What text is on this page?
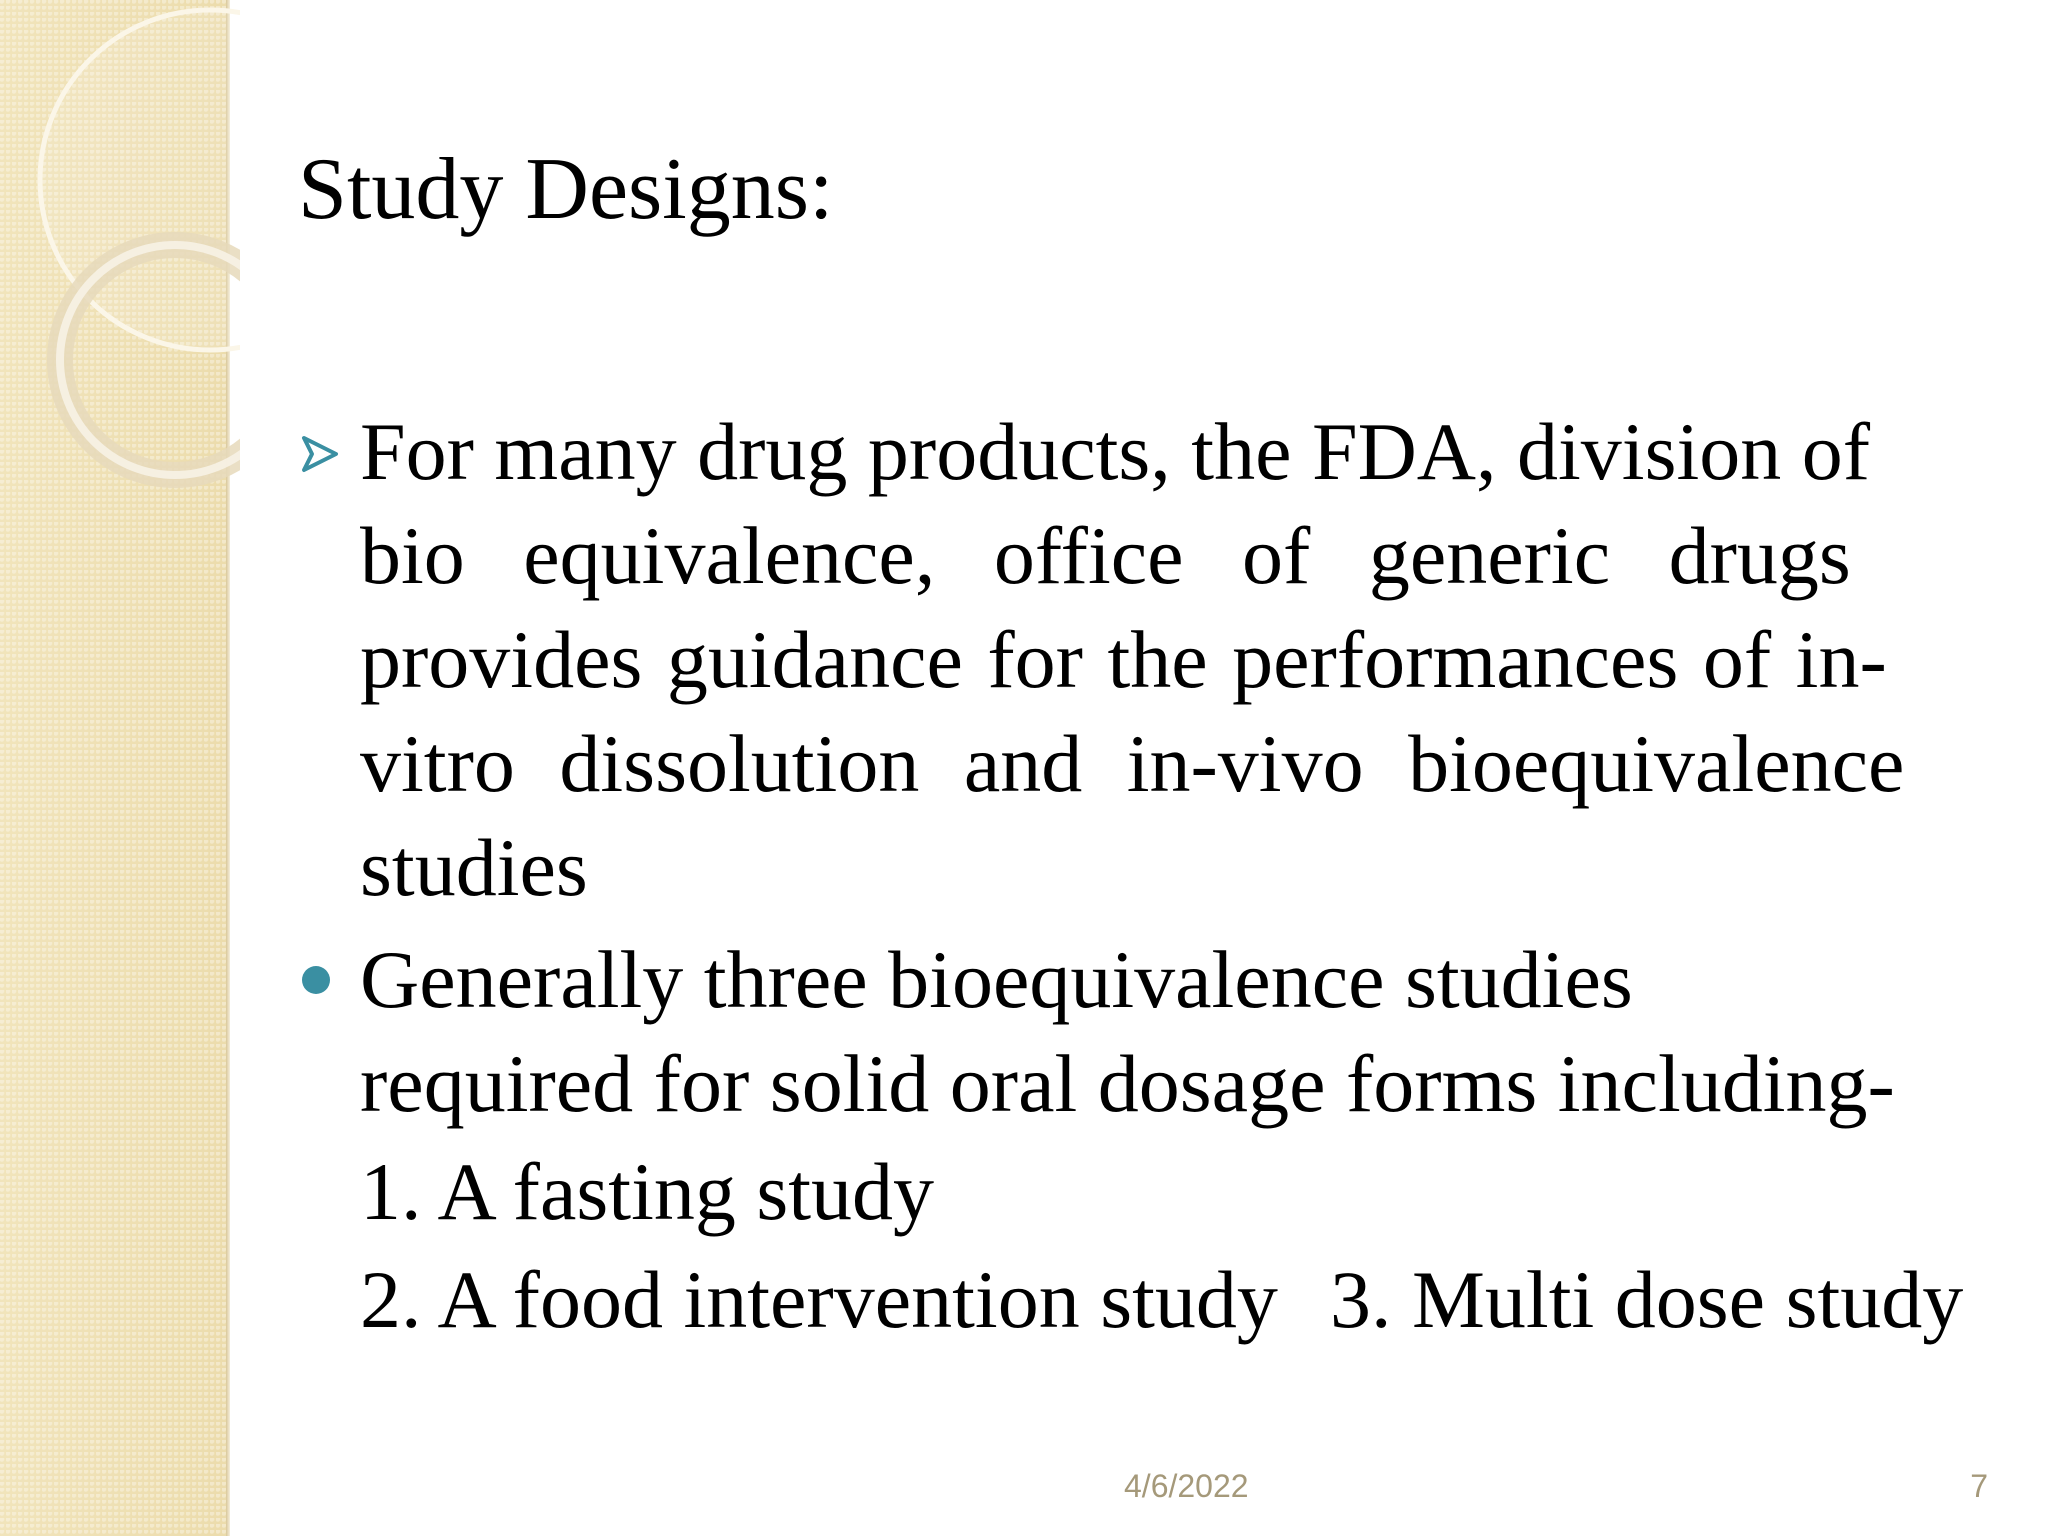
Study Designs:
For many drug products, the FDA, division of
bio equivalence, office of generic drugs
provides guidance for the performances of in-
vitro dissolution and in-vivo bioequivalence
studies
Generally three bioequivalence studies
required for solid oral dosage forms including-
1. A fasting study
2. A food intervention study 3. Multi dose study
4/6/2022	7
